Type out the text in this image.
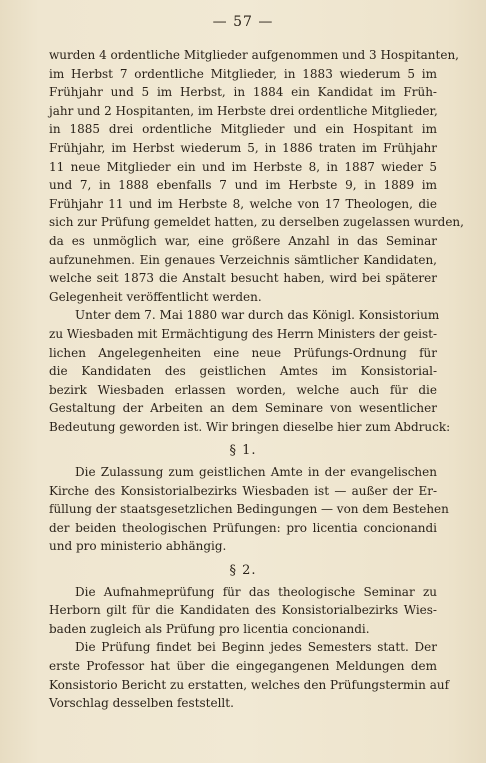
— 57 —
wurden 4 ordentliche Mitglieder aufgenommen und 3 Hospitanten,
im Herbst 7 ordentliche Mitglieder, in 1883 wiederum 5 im
Frühjahr und 5 im Herbst, in 1884 ein Kandidat im Früh-
jahr und 2 Hospitanten, im Herbste drei ordentliche Mitglieder,
in 1885 drei ordentliche Mitglieder und ein Hospitant im
Frühjahr, im Herbst wiederum 5, in 1886 traten im Frühjahr
11 neue Mitglieder ein und im Herbste 8, in 1887 wieder 5
und 7, in 1888 ebenfalls 7 und im Herbste 9, in 1889 im
Frühjahr 11 und im Herbste 8, welche von 17 Theologen, die
sich zur Prüfung gemeldet hatten, zu derselben zugelassen wurden,
da es unmöglich war, eine größere Anzahl in das Seminar
aufzunehmen. Ein genaues Verzeichnis sämtlicher Kandidaten,
welche seit 1873 die Anstalt besucht haben, wird bei späterer
Gelegenheit veröffentlicht werden.
Unter dem 7. Mai 1880 war durch das Königl. Konsistorium
zu Wiesbaden mit Ermächtigung des Herrn Ministers der geist-
lichen Angelegenheiten eine neue Prüfungs-Ordnung für
die Kandidaten des geistlichen Amtes im Konsistorial-
bezirk Wiesbaden erlassen worden, welche auch für die
Gestaltung der Arbeiten an dem Seminare von wesentlicher
Bedeutung geworden ist. Wir bringen dieselbe hier zum Abdruck:
§ 1.
Die Zulassung zum geistlichen Amte in der evangelischen
Kirche des Konsistorialbezirks Wiesbaden ist — außer der Er-
füllung der staatsgesetzlichen Bedingungen — von dem Bestehen
der beiden theologischen Prüfungen: pro licentia concionandi
und pro ministerio abhängig.
§ 2.
Die Aufnahmeprüfung für das theologische Seminar zu
Herborn gilt für die Kandidaten des Konsistorialbezirks Wies-
baden zugleich als Prüfung pro licentia concionandi.
Die Prüfung findet bei Beginn jedes Semesters statt. Der
erste Professor hat über die eingegangenen Meldungen dem
Konsistorio Bericht zu erstatten, welches den Prüfungstermin auf
Vorschlag desselben feststellt.
